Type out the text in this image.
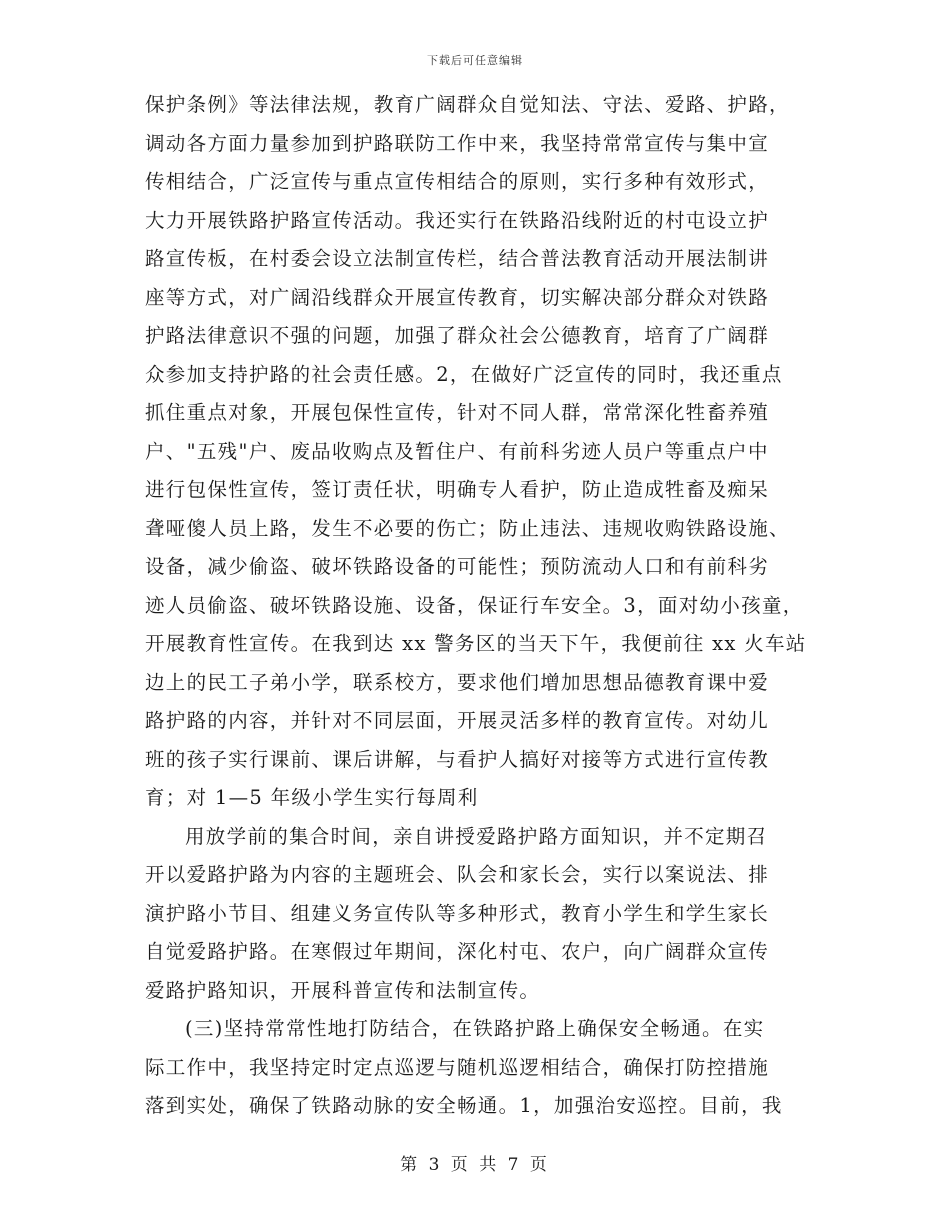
下载后可任意编辑

保护条例》等法律法规，教育广阔群众自觉知法、守法、爱路、护路，
调动各方面力量参加到护路联防工作中来，我坚持常常宣传与集中宣
传相结合，广泛宣传与重点宣传相结合的原则，实行多种有效形式，
大力开展铁路护路宣传活动。我还实行在铁路沿线附近的村屯设立护
路宣传板，在村委会设立法制宣传栏，结合普法教育活动开展法制讲
座等方式，对广阔沿线群众开展宣传教育，切实解决部分群众对铁路
护路法律意识不强的问题，加强了群众社会公德教育，培育了广阔群
众参加支持护路的社会责任感。2，在做好广泛宣传的同时，我还重点
抓住重点对象，开展包保性宣传，针对不同人群，常常深化牲畜养殖
户、"五残"户、废品收购点及暂住户、有前科劣迹人员户等重点户中
进行包保性宣传，签订责任状，明确专人看护，防止造成牲畜及痴呆
聋哑傻人员上路，发生不必要的伤亡；防止违法、违规收购铁路设施、
设备，减少偷盗、破坏铁路设备的可能性；预防流动人口和有前科劣
迹人员偷盗、破坏铁路设施、设备，保证行车安全。3，面对幼小孩童，
开展教育性宣传。在我到达 xx 警务区的当天下午，我便前往 xx 火车站
边上的民工子弟小学，联系校方，要求他们增加思想品德教育课中爱
路护路的内容，并针对不同层面，开展灵活多样的教育宣传。对幼儿
班的孩子实行课前、课后讲解，与看护人搞好对接等方式进行宣传教
育；对 1—5 年级小学生实行每周利

用放学前的集合时间，亲自讲授爱路护路方面知识，并不定期召
开以爱路护路为内容的主题班会、队会和家长会，实行以案说法、排
演护路小节目、组建义务宣传队等多种形式，教育小学生和学生家长
自觉爱路护路。在寒假过年期间，深化村屯、农户，向广阔群众宣传
爱路护路知识，开展科普宣传和法制宣传。

(三)坚持常常性地打防结合，在铁路护路上确保安全畅通。在实
际工作中，我坚持定时定点巡逻与随机巡逻相结合，确保打防控措施
落到实处，确保了铁路动脉的安全畅通。1，加强治安巡控。目前，我

第 3 页 共 7 页
